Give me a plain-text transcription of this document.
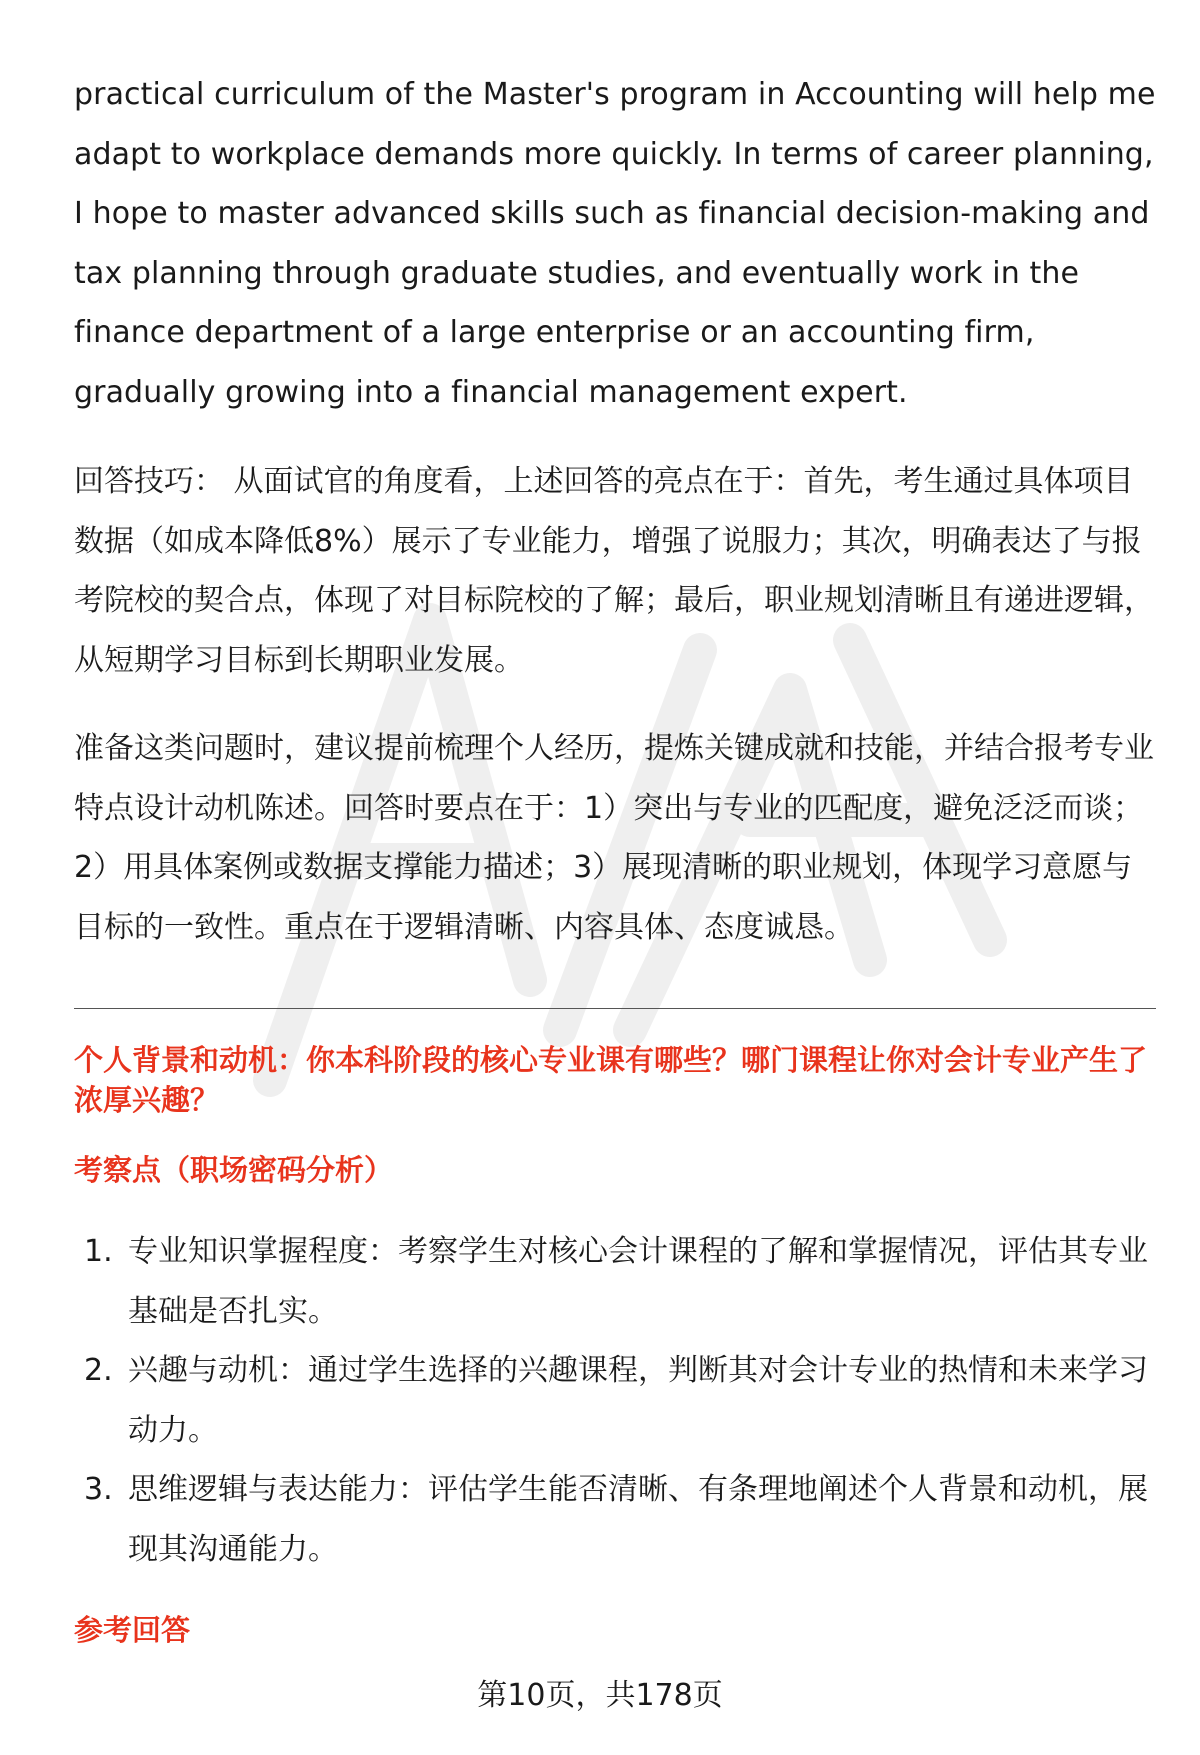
practical curriculum of the Master's program in Accounting will help me adapt to workplace demands more quickly. In terms of career planning, I hope to master advanced skills such as financial decision-making and tax planning through graduate studies, and eventually work in the finance department of a large enterprise or an accounting firm, gradually growing into a financial management expert.

回答技巧： 从面试官的角度看，上述回答的亮点在于：首先，考生通过具体项目数据（如成本降低8%）展示了专业能力，增强了说服力；其次，明确表达了与报考院校的契合点，体现了对目标院校的了解；最后，职业规划清晰且有递进逻辑，从短期学习目标到长期职业发展。

准备这类问题时，建议提前梳理个人经历，提炼关键成就和技能，并结合报考专业特点设计动机陈述。回答时要点在于：1）突出与专业的匹配度，避免泛泛而谈；2）用具体案例或数据支撑能力描述；3）展现清晰的职业规划，体现学习意愿与目标的一致性。重点在于逻辑清晰、内容具体、态度诚恳。

个人背景和动机：你本科阶段的核心专业课有哪些？哪门课程让你对会计专业产生了浓厚兴趣？

考察点（职场密码分析）

1. 专业知识掌握程度：考察学生对核心会计课程的了解和掌握情况，评估其专业基础是否扎实。
2. 兴趣与动机：通过学生选择的兴趣课程，判断其对会计专业的热情和未来学习动力。
3. 思维逻辑与表达能力：评估学生能否清晰、有条理地阐述个人背景和动机，展现其沟通能力。

参考回答

第10页，共178页
